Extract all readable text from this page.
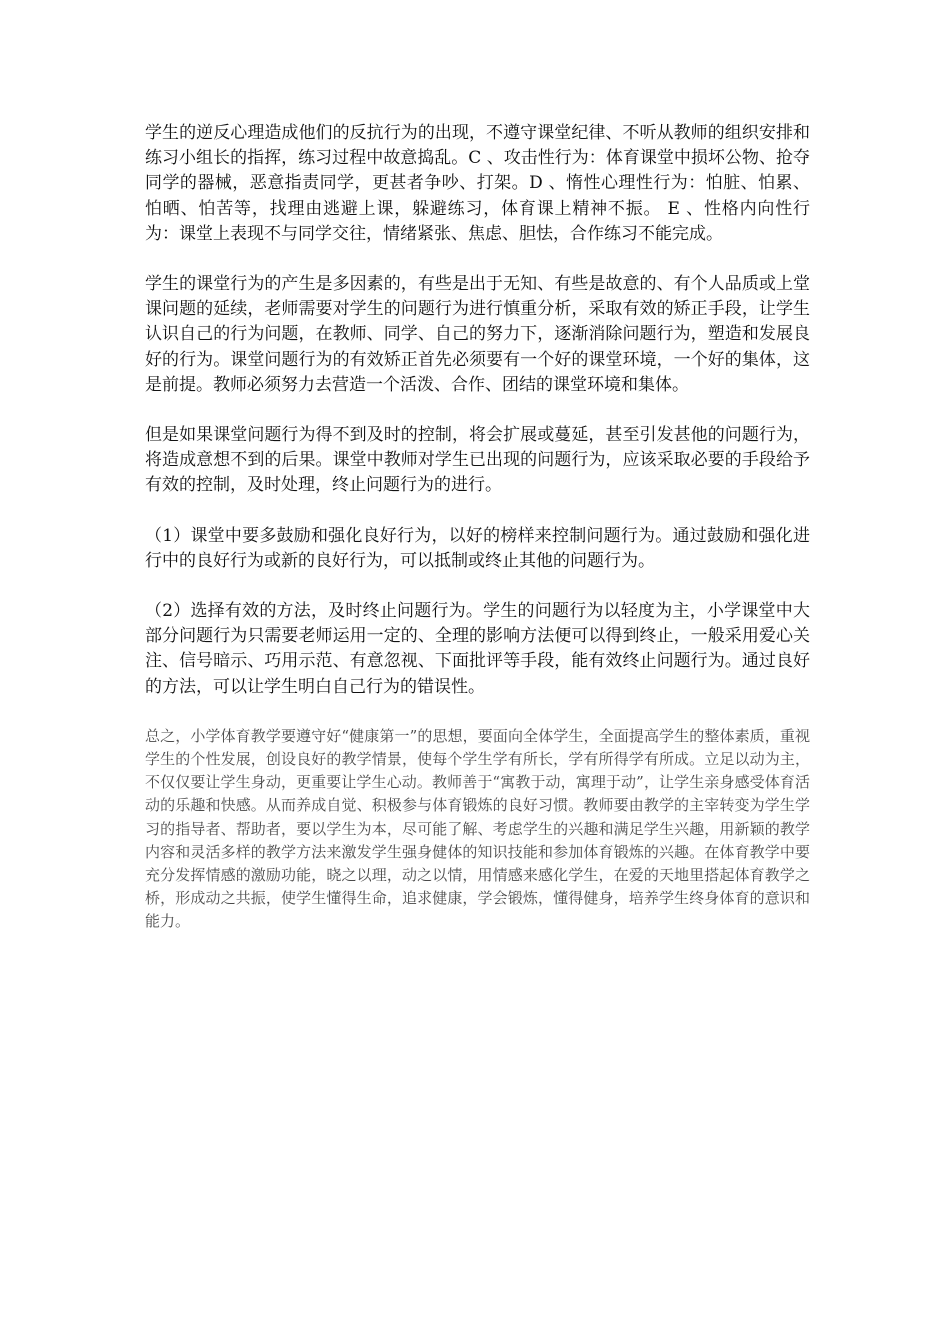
学生的逆反心理造成他们的反抗行为的出现，不遵守课堂纪律、不听从教师的组织安排和练习小组长的指挥，练习过程中故意捣乱。C 、攻击性行为：体育课堂中损坏公物、抢夺同学的器械，恶意指责同学，更甚者争吵、打架。D 、惰性心理性行为：怕脏、怕累、怕晒、怕苦等，找理由逃避上课，躲避练习，体育课上精神不振。 E 、性格内向性行为：课堂上表现不与同学交往，情绪紧张、焦虑、胆怯，合作练习不能完成。

学生的课堂行为的产生是多因素的，有些是出于无知、有些是故意的、有个人品质或上堂课问题的延续，老师需要对学生的问题行为进行慎重分析，采取有效的矫正手段，让学生认识自己的行为问题，在教师、同学、自己的努力下，逐渐消除问题行为，塑造和发展良好的行为。课堂问题行为的有效矫正首先必须要有一个好的课堂环境，一个好的集体，这是前提。教师必须努力去营造一个活泼、合作、团结的课堂环境和集体。

但是如果课堂问题行为得不到及时的控制，将会扩展或蔓延，甚至引发甚他的问题行为，将造成意想不到的后果。课堂中教师对学生已出现的问题行为，应该采取必要的手段给予有效的控制，及时处理，终止问题行为的进行。

（1）课堂中要多鼓励和强化良好行为，以好的榜样来控制问题行为。通过鼓励和强化进行中的良好行为或新的良好行为，可以抵制或终止其他的问题行为。

（2）选择有效的方法，及时终止问题行为。学生的问题行为以轻度为主，小学课堂中大部分问题行为只需要老师运用一定的、全理的影响方法便可以得到终止，一般采用爱心关注、信号暗示、巧用示范、有意忽视、下面批评等手段，能有效终止问题行为。通过良好的方法，可以让学生明白自己行为的错误性。

总之，小学体育教学要遵守好“健康第一”的思想，要面向全体学生，全面提高学生的整体素质，重视学生的个性发展，创设良好的教学情景，使每个学生学有所长，学有所得学有所成。立足以动为主，不仅仅要让学生身动，更重要让学生心动。教师善于“寓教于动，寓理于动”，让学生亲身感受体育活动的乐趣和快感。从而养成自觉、积极参与体育锻炼的良好习惯。教师要由教学的主宰转变为学生学习的指导者、帮助者，要以学生为本，尽可能了解、考虑学生的兴趣和满足学生兴趣，用新颖的教学内容和灵活多样的教学方法来激发学生强身健体的知识技能和参加体育锻炼的兴趣。在体育教学中要充分发挥情感的激励功能，晓之以理，动之以情，用情感来感化学生，在爱的天地里搭起体育教学之桥，形成动之共振，使学生懂得生命，追求健康，学会锻炼，懂得健身，培养学生终身体育的意识和能力。
